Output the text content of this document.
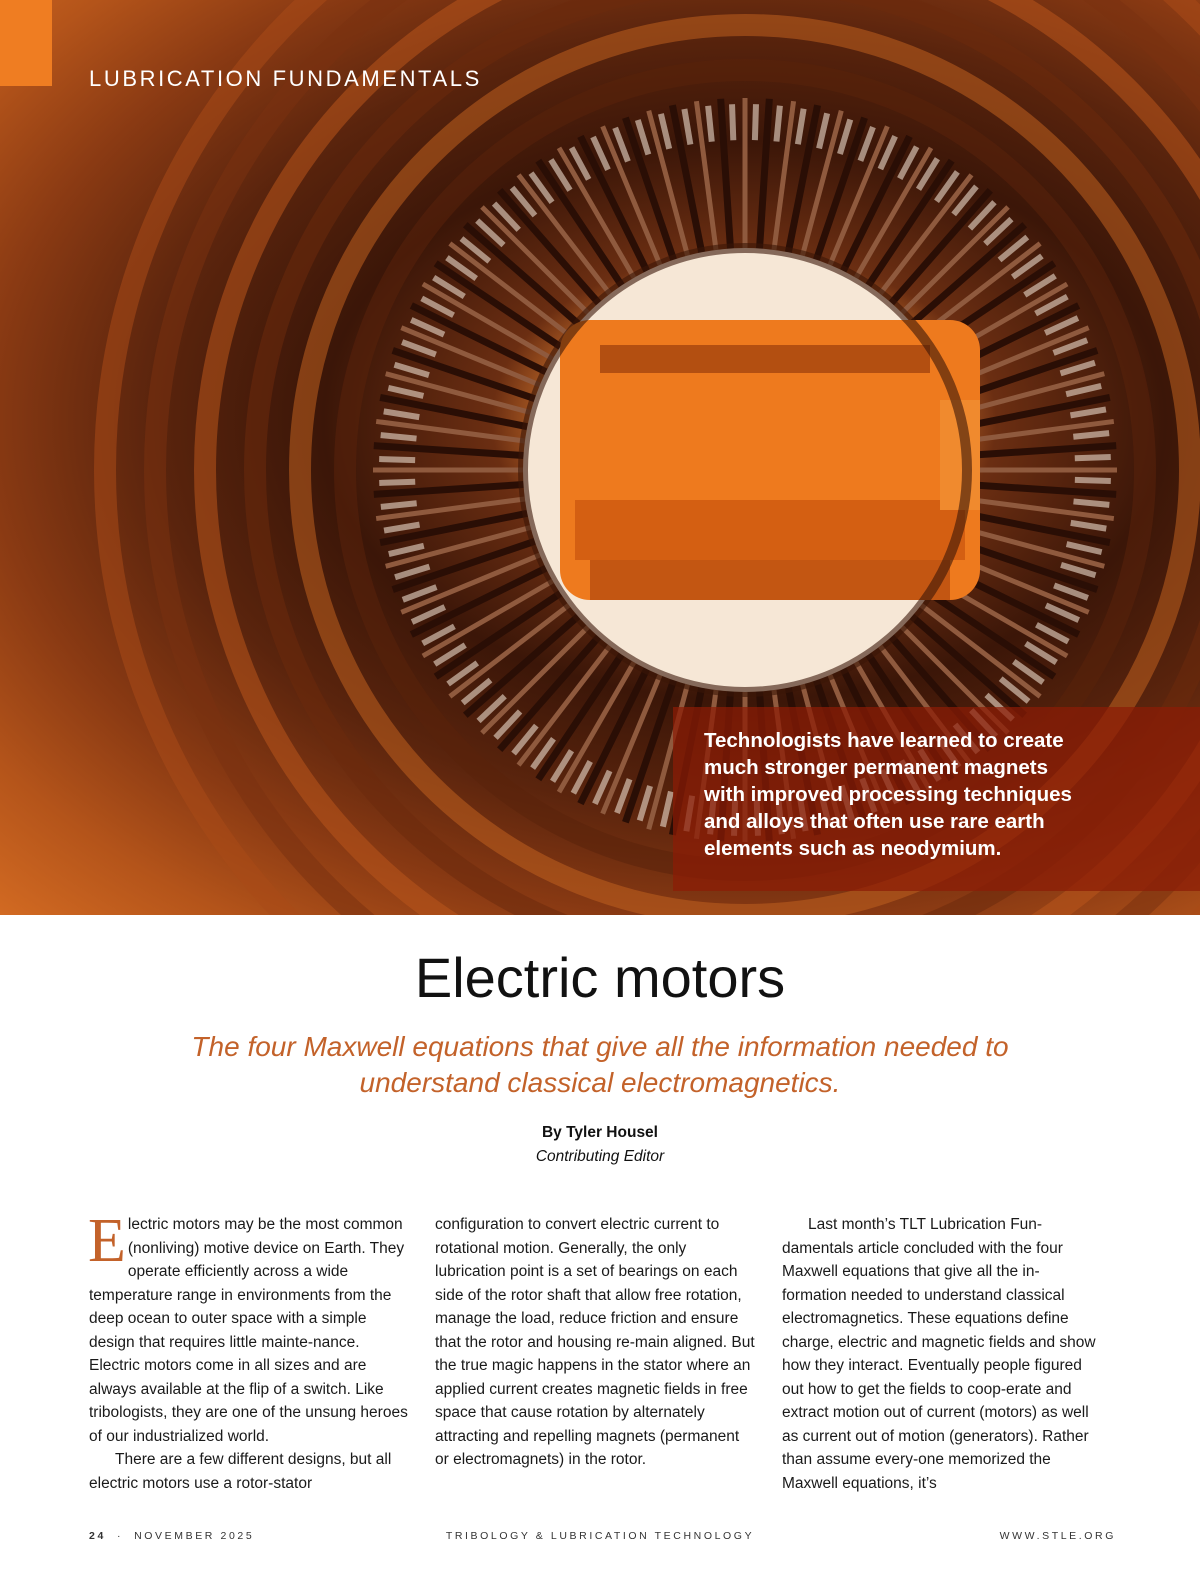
LUBRICATION FUNDAMENTALS
Technologists have learned to create much stronger permanent magnets with improved processing techniques and alloys that often use rare earth elements such as neodymium.
Electric motors

The four Maxwell equations that give all the information needed to understand classical electromagnetics.

By Tyler Housel
Contributing Editor

Electric motors may be the most common (nonliving) motive device on Earth. They operate efficiently across a wide temperature range in environments from the deep ocean to outer space with a simple design that requires little mainte-nance. Electric motors come in all sizes and are always available at the flip of a switch. Like tribologists, they are one of the unsung heroes of our industrialized world.

There are a few different designs, but all electric motors use a rotor-stator

configuration to convert electric current to rotational motion. Generally, the only lubrication point is a set of bearings on each side of the rotor shaft that allow free rotation, manage the load, reduce friction and ensure that the rotor and housing re-main aligned. But the true magic happens in the stator where an applied current creates magnetic fields in free space that cause rotation by alternately attracting and repelling magnets (permanent or electromagnets) in the rotor.

Last month’s TLT Lubrication Fun-damentals article concluded with the four Maxwell equations that give all the in-formation needed to understand classical electromagnetics. These equations define charge, electric and magnetic fields and show how they interact. Eventually people figured out how to get the fields to coop-erate and extract motion out of current (motors) as well as current out of motion (generators). Rather than assume every-one memorized the Maxwell equations, it’s

24 · NOVEMBER 2025	TRIBOLOGY & LUBRICATION TECHNOLOGY	WWW.STLE.ORG
